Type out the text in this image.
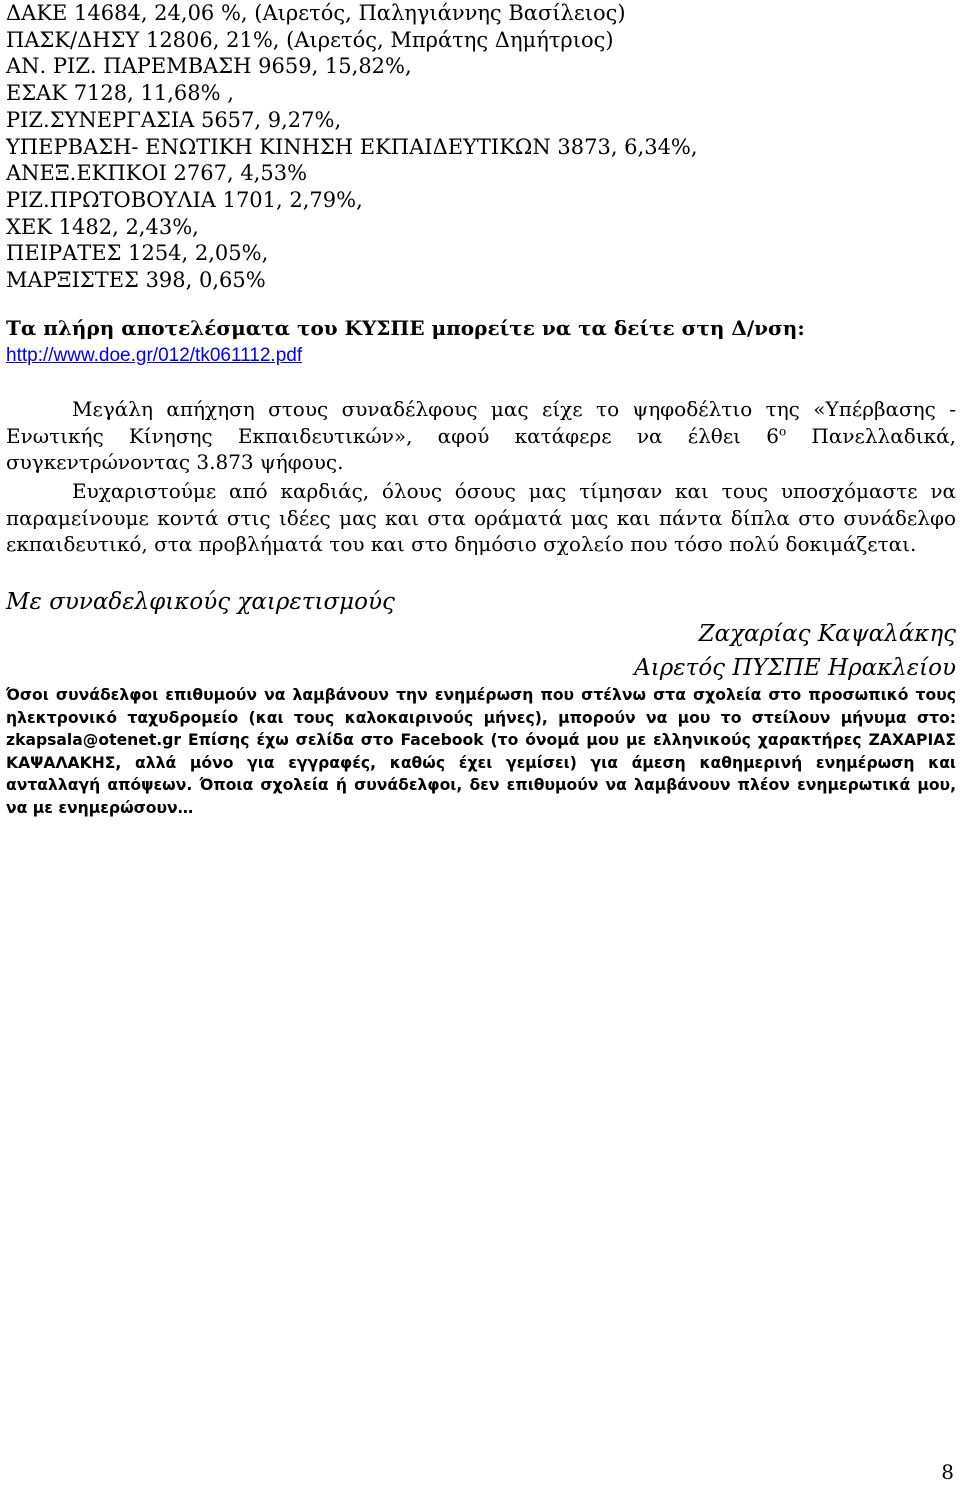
ΔΑΚΕ 14684, 24,06 %, (Αιρετός, Παληγιάννης Βασίλειος)
ΠΑΣΚ/ΔΗΣΥ 12806, 21%, (Αιρετός, Μπράτης Δημήτριος)
ΑΝ. ΡΙΖ. ΠΑΡΕΜΒΑΣΗ 9659, 15,82%,
ΕΣΑΚ 7128, 11,68% ,
ΡΙΖ.ΣΥΝΕΡΓΑΣΙΑ 5657, 9,27%,
ΥΠΕΡΒΑΣΗ- ΕΝΩΤΙΚΗ ΚΙΝΗΣΗ ΕΚΠΑΙΔΕΥΤΙΚΩΝ 3873, 6,34%,
ΑΝΕΞ.ΕΚΠΚΟΙ 2767, 4,53%
ΡΙΖ.ΠΡΩΤΟΒΟΥΛΙΑ 1701, 2,79%,
ΧΕΚ 1482, 2,43%,
ΠΕΙΡΑΤΕΣ 1254, 2,05%,
ΜΑΡΞΙΣΤΕΣ 398, 0,65%
Τα πλήρη αποτελέσματα του ΚΥΣΠΕ μπορείτε να τα δείτε στη Δ/νση:
http://www.doe.gr/012/tk061112.pdf
Μεγάλη απήχηση στους συναδέλφους μας είχε το ψηφοδέλτιο της «Υπέρβασης - Ενωτικής Κίνησης Εκπαιδευτικών», αφού κατάφερε να έλθει $6^o$ Πανελλαδικά, συγκεντρώνοντας 3.873 ψήφους.
Ευχαριστούμε από καρδιάς, όλους όσους μας τίμησαν και τους υποσχόμαστε να παραμείνουμε κοντά στις ιδέες μας και στα οράματά μας και πάντα δίπλα στο συνάδελφο εκπαιδευτικό, στα προβλήματά του και στο δημόσιο σχολείο που τόσο πολύ δοκιμάζεται.
Με συναδελφικούς χαιρετισμούς
Ζαχαρίας Καψαλάκης
Αιρετός ΠΥΣΠΕ Ηρακλείου
Όσοι συνάδελφοι επιθυμούν να λαμβάνουν την ενημέρωση που στέλνω στα σχολεία στο προσωπικό τους ηλεκτρονικό ταχυδρομείο (και τους καλοκαιρινούς μήνες), μπορούν να μου το στείλουν μήνυμα στο: zkapsala@otenet.gr Επίσης έχω σελίδα στο Facebook (το όνομά μου με ελληνικούς χαρακτήρες ΖΑΧΑΡΙΑΣ ΚΑΨΑΛΑΚΗΣ, αλλά μόνο για εγγραφές, καθώς έχει γεμίσει) για άμεση καθημερινή ενημέρωση και ανταλλαγή απόψεων. Όποια σχολεία ή συνάδελφοι, δεν επιθυμούν να λαμβάνουν πλέον ενημερωτικά μου, να με ενημερώσουν…
8
